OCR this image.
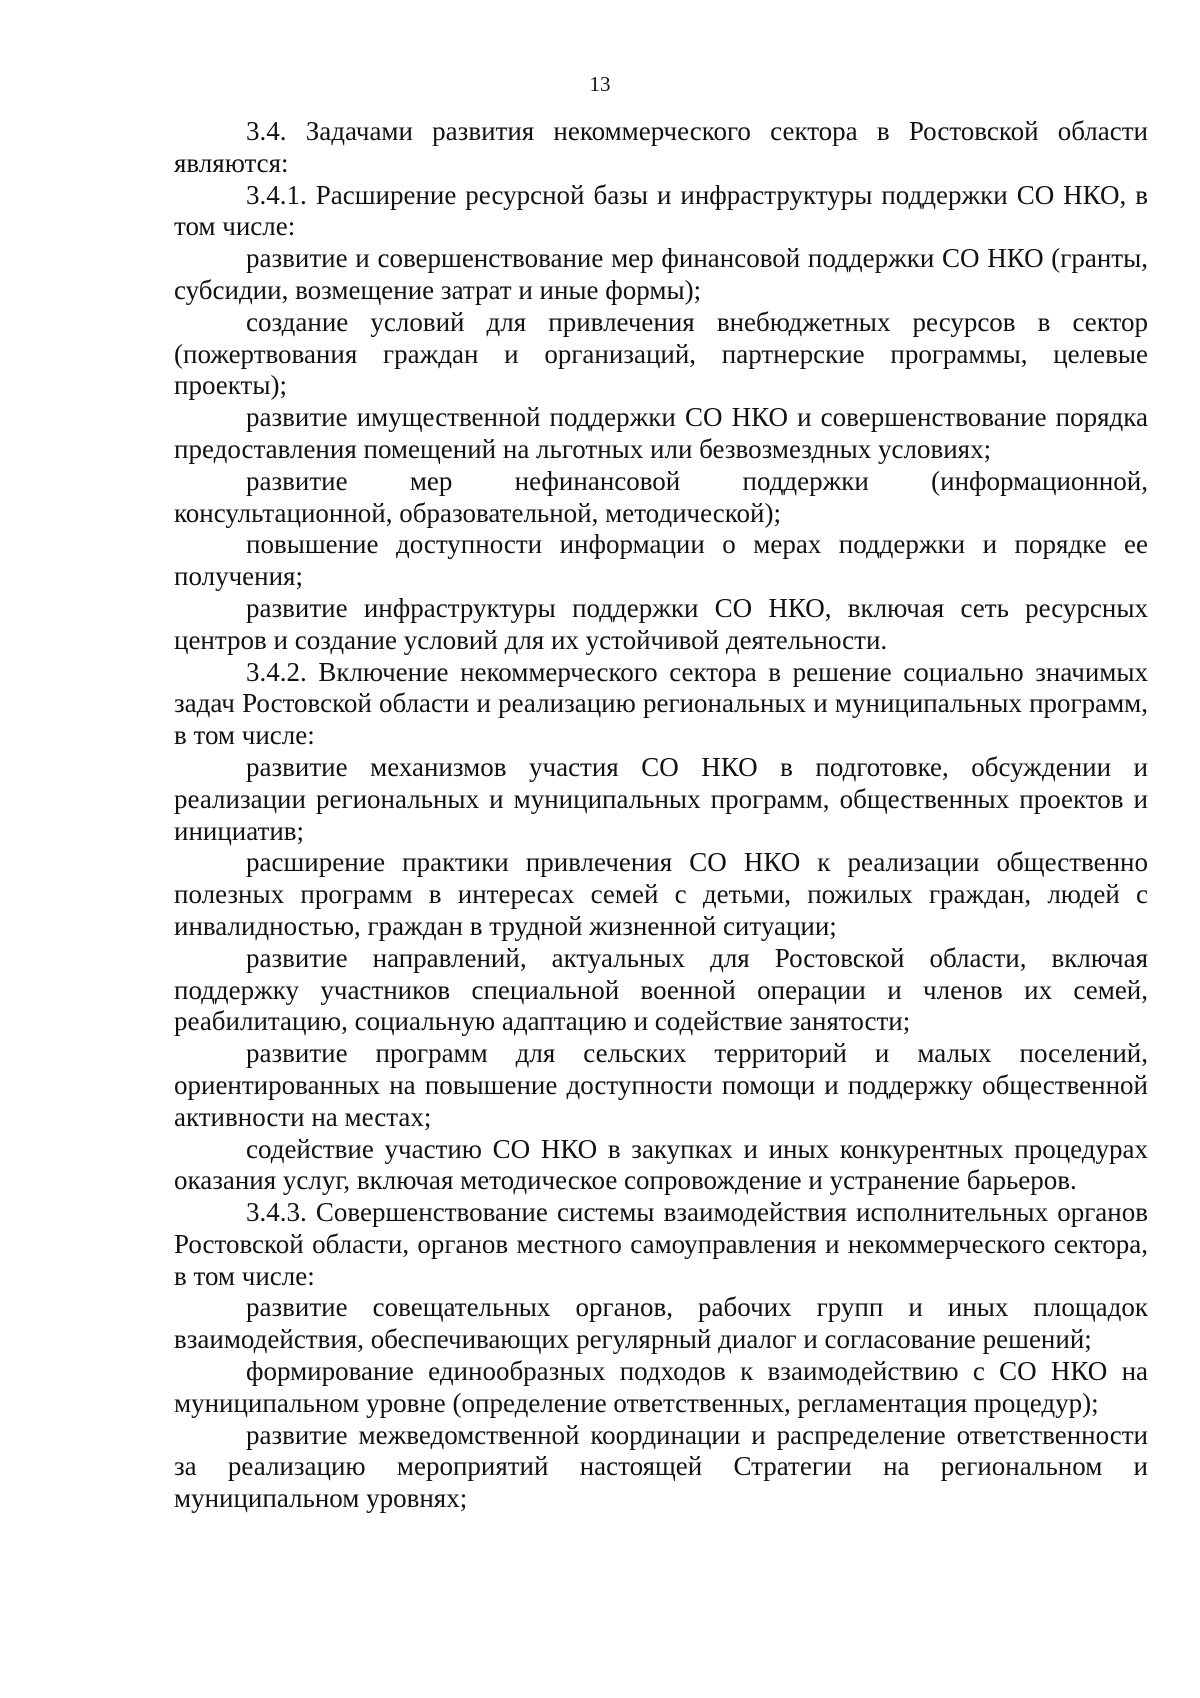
13

3.4. Задачами развития некоммерческого сектора в Ростовской области являются:

3.4.1. Расширение ресурсной базы и инфраструктуры поддержки СО НКО, в том числе:

развитие и совершенствование мер финансовой поддержки СО НКО (гранты, субсидии, возмещение затрат и иные формы);

создание условий для привлечения внебюджетных ресурсов в сектор (пожертвования граждан и организаций, партнерские программы, целевые проекты);

развитие имущественной поддержки СО НКО и совершенствование порядка предоставления помещений на льготных или безвозмездных условиях;

развитие мер нефинансовой поддержки (информационной, консультационной, образовательной, методической);

повышение доступности информации о мерах поддержки и порядке ее получения;

развитие инфраструктуры поддержки СО НКО, включая сеть ресурсных центров и создание условий для их устойчивой деятельности.

3.4.2. Включение некоммерческого сектора в решение социально значимых задач Ростовской области и реализацию региональных и муниципальных программ, в том числе:

развитие механизмов участия СО НКО в подготовке, обсуждении и реализации региональных и муниципальных программ, общественных проектов и инициатив;

расширение практики привлечения СО НКО к реализации общественно полезных программ в интересах семей с детьми, пожилых граждан, людей с инвалидностью, граждан в трудной жизненной ситуации;

развитие направлений, актуальных для Ростовской области, включая поддержку участников специальной военной операции и членов их семей, реабилитацию, социальную адаптацию и содействие занятости;

развитие программ для сельских территорий и малых поселений, ориентированных на повышение доступности помощи и поддержку общественной активности на местах;

содействие участию СО НКО в закупках и иных конкурентных процедурах оказания услуг, включая методическое сопровождение и устранение барьеров.

3.4.3. Совершенствование системы взаимодействия исполнительных органов Ростовской области, органов местного самоуправления и некоммерческого сектора, в том числе:

развитие совещательных органов, рабочих групп и иных площадок взаимодействия, обеспечивающих регулярный диалог и согласование решений;

формирование единообразных подходов к взаимодействию с СО НКО на муниципальном уровне (определение ответственных, регламентация процедур);

развитие межведомственной координации и распределение ответственности за реализацию мероприятий настоящей Стратегии на региональном и муниципальном уровнях;
